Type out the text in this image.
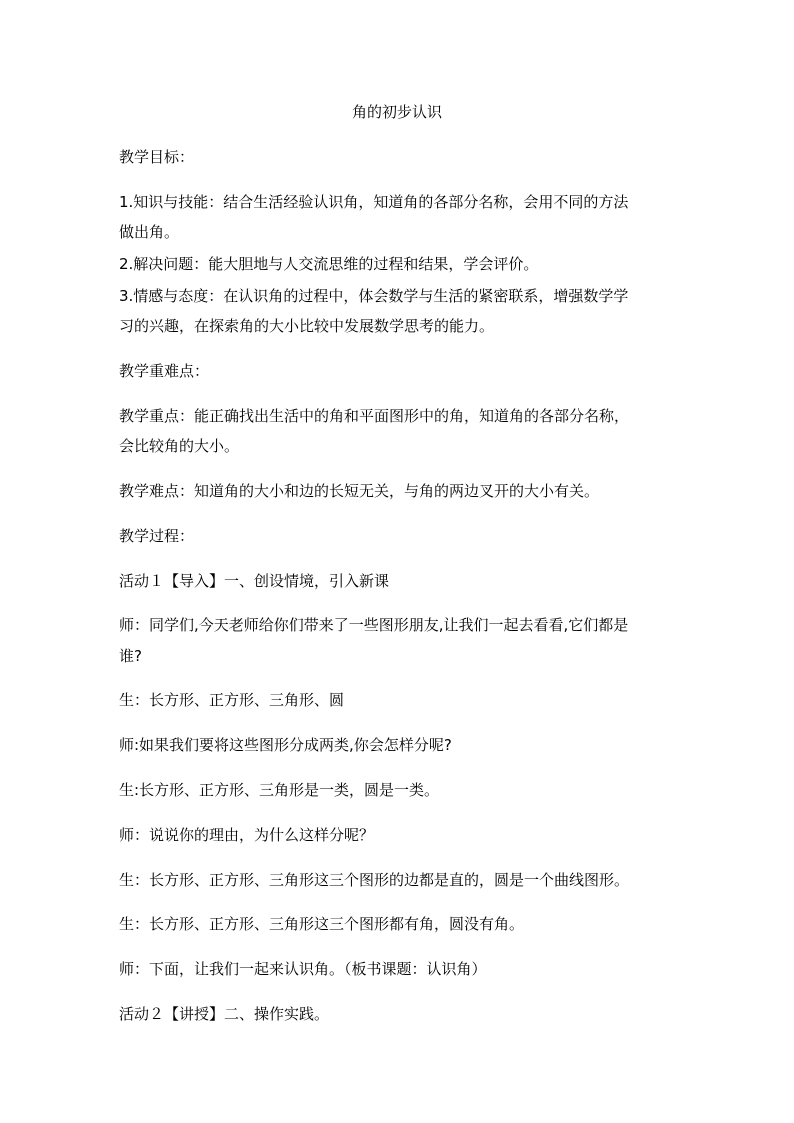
角的初步认识
教学目标：
1.知识与技能：结合生活经验认识角，知道角的各部分名称，会用不同的方法
做出角。
2.解决问题：能大胆地与人交流思维的过程和结果，学会评价。
3.情感与态度：在认识角的过程中，体会数学与生活的紧密联系，增强数学学
习的兴趣，在探索角的大小比较中发展数学思考的能力。
教学重难点：
教学重点：能正确找出生活中的角和平面图形中的角，知道角的各部分名称，
会比较角的大小。
教学难点：知道角的大小和边的长短无关，与角的两边叉开的大小有关。
教学过程：
活动１【导入】一、创设情境，引入新课
师：同学们,今天老师给你们带来了一些图形朋友,让我们一起去看看,它们都是
谁?
生：长方形、正方形、三角形、圆
师:如果我们要将这些图形分成两类,你会怎样分呢?
生:长方形、正方形、三角形是一类，圆是一类。
师：说说你的理由，为什么这样分呢？
生：长方形、正方形、三角形这三个图形的边都是直的，圆是一个曲线图形。
生：长方形、正方形、三角形这三个图形都有角，圆没有角。
师：下面，让我们一起来认识角。（板书课题：认识角）
活动２【讲授】二、操作实践。
